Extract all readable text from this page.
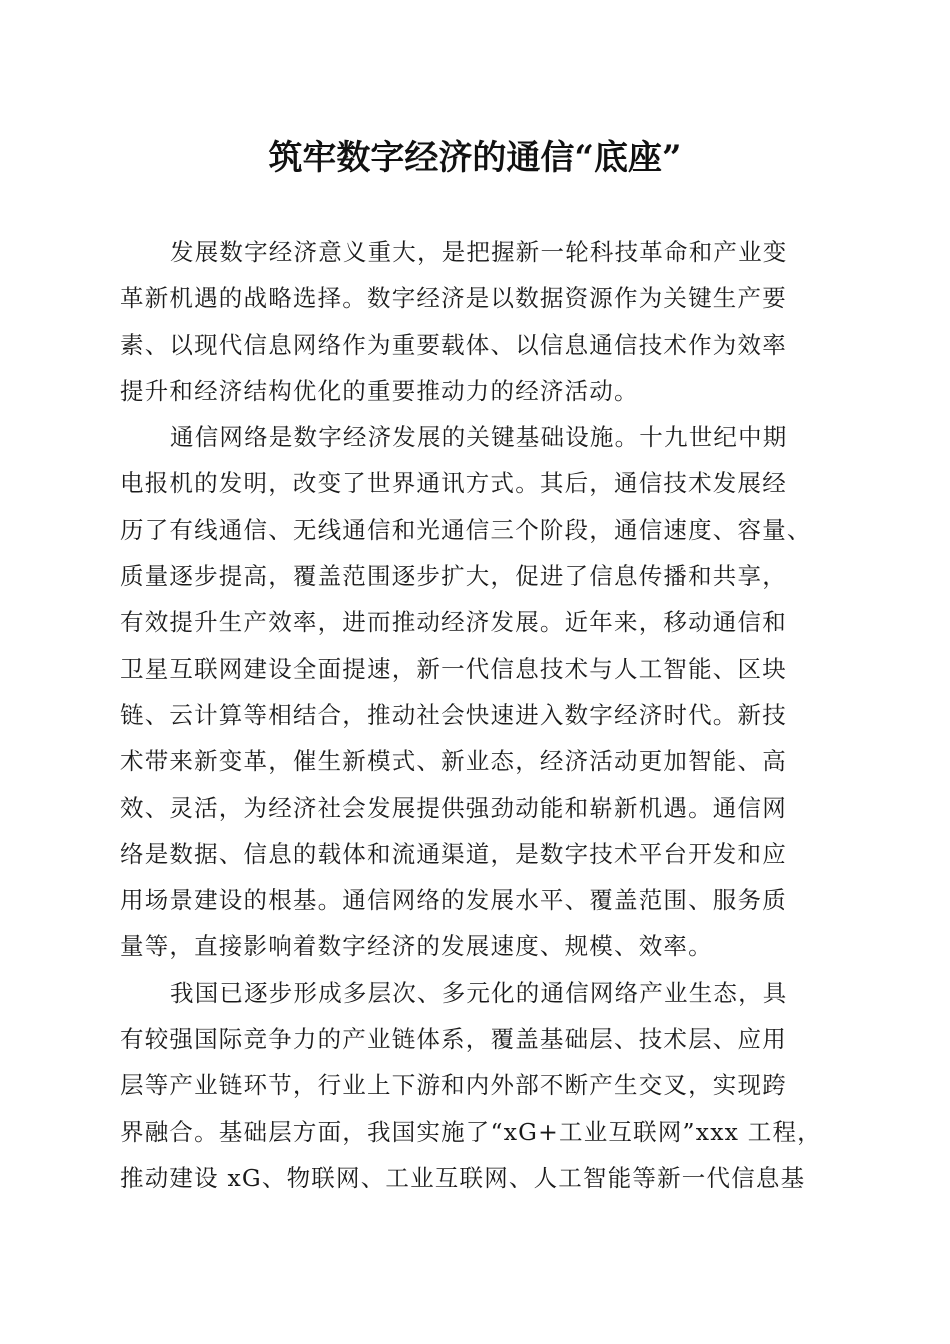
筑牢数字经济的通信“底座”
发展数字经济意义重大，是把握新一轮科技革命和产业变
革新机遇的战略选择。数字经济是以数据资源作为关键生产要
素、以现代信息网络作为重要载体、以信息通信技术作为效率
提升和经济结构优化的重要推动力的经济活动。
通信网络是数字经济发展的关键基础设施。十九世纪中期
电报机的发明，改变了世界通讯方式。其后，通信技术发展经
历了有线通信、无线通信和光通信三个阶段，通信速度、容量、
质量逐步提高，覆盖范围逐步扩大，促进了信息传播和共享，
有效提升生产效率，进而推动经济发展。近年来，移动通信和
卫星互联网建设全面提速，新一代信息技术与人工智能、区块
链、云计算等相结合，推动社会快速进入数字经济时代。新技
术带来新变革，催生新模式、新业态，经济活动更加智能、高
效、灵活，为经济社会发展提供强劲动能和崭新机遇。通信网
络是数据、信息的载体和流通渠道，是数字技术平台开发和应
用场景建设的根基。通信网络的发展水平、覆盖范围、服务质
量等，直接影响着数字经济的发展速度、规模、效率。
我国已逐步形成多层次、多元化的通信网络产业生态，具
有较强国际竞争力的产业链体系，覆盖基础层、技术层、应用
层等产业链环节，行业上下游和内外部不断产生交叉，实现跨
界融合。基础层方面，我国实施了“xG+工业互联网”xxx 工程，
推动建设 xG、物联网、工业互联网、人工智能等新一代信息基
